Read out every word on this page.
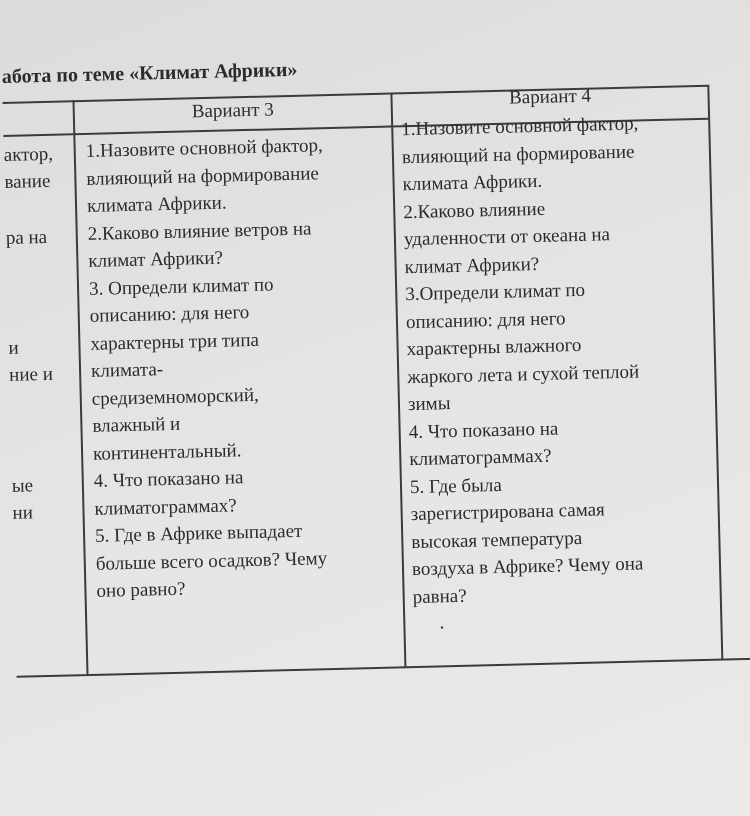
абота по теме «Климат Африки»
Вариант 3
Вариант 4
актор,
вание
ра на
и
ние и
ые
ни
1.Назовите основной фактор,
влияющий на формирование
климата Африки.
2.Каково влияние ветров на
климат Африки?
3. Определи климат по
описанию: для него
характерны три типа
климата-
средиземноморский,
влажный и
континентальный.
4. Что показано на
климатограммах?
5. Где в Африке выпадает
больше всего осадков? Чему
оно равно?
1.Назовите основной фактор,
влияющий на формирование
климата Африки.
2.Каково влияние
удаленности от океана на
климат Африки?
3.Определи климат по
описанию: для него
характерны влажного
жаркого лета и сухой теплой
зимы
4. Что показано на
климатограммах?
5. Где была
зарегистрирована самая
высокая температура
воздуха в Африке? Чему она
равна?
.
